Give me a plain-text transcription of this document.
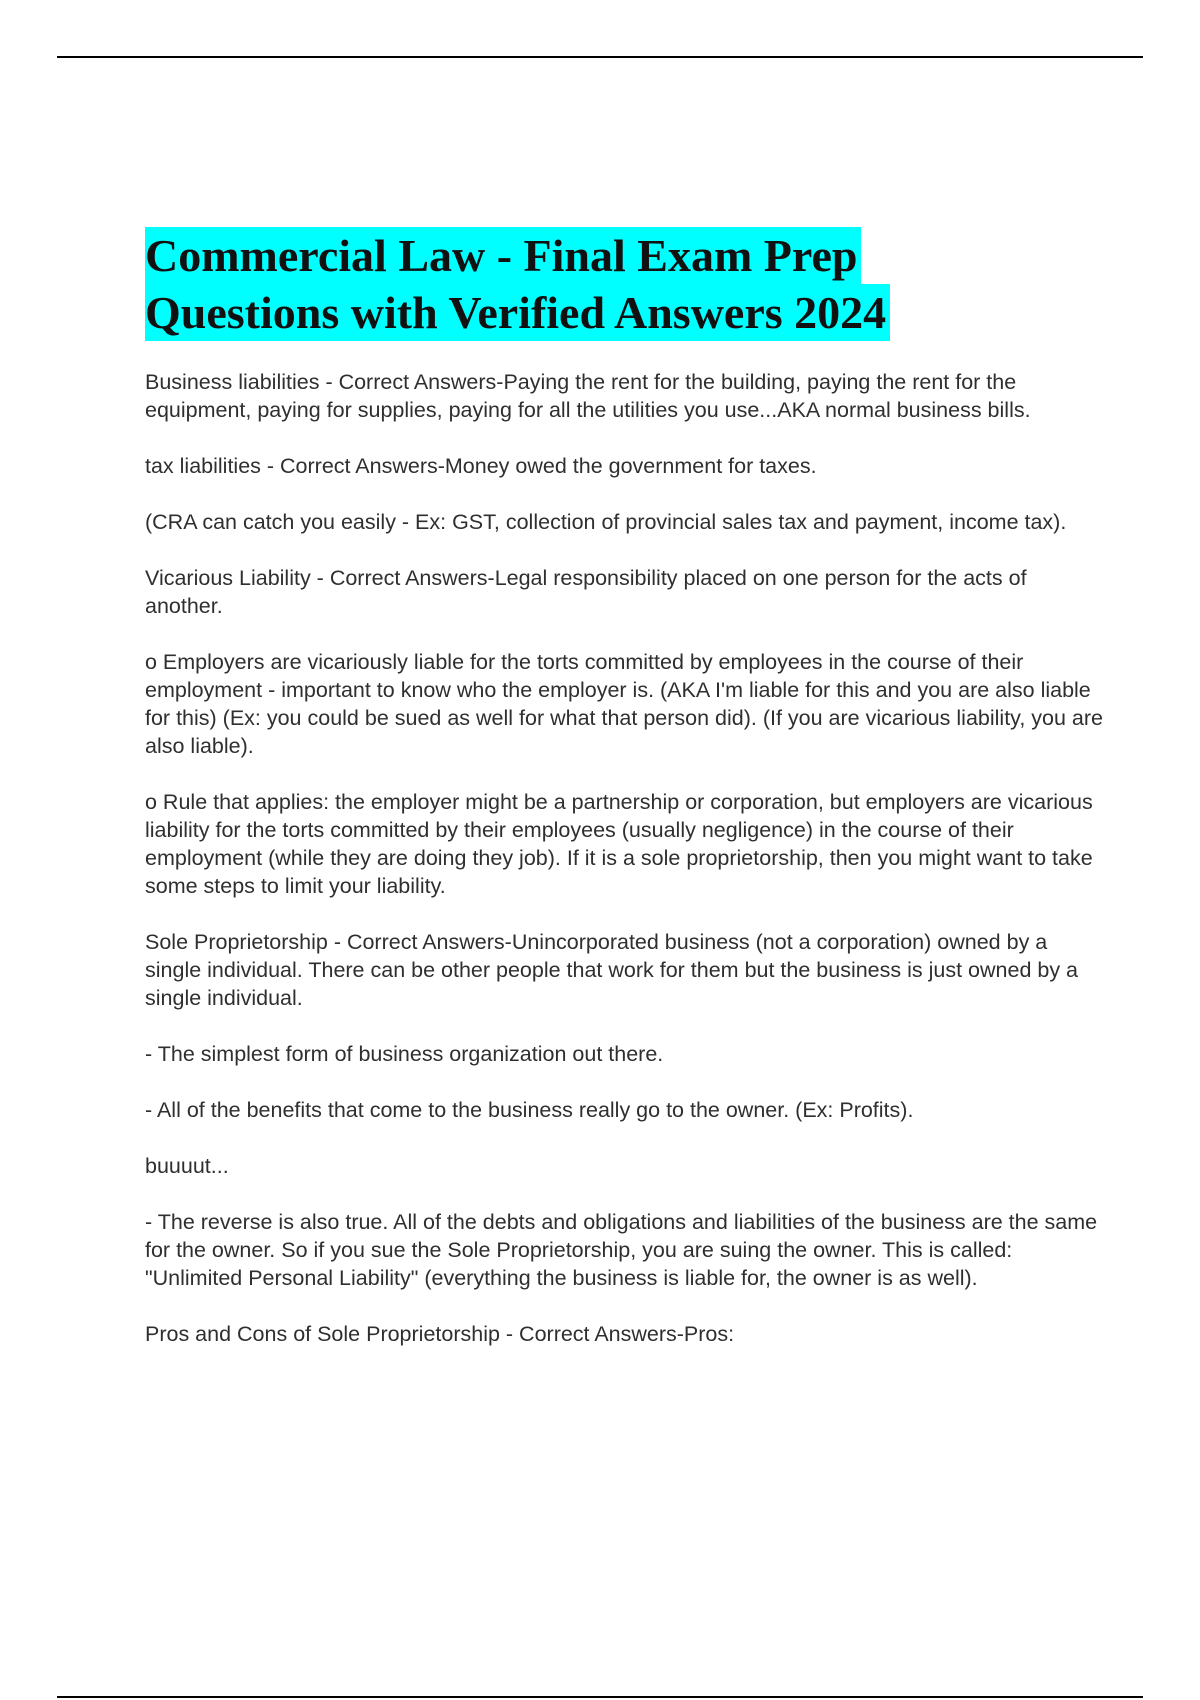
Commercial Law - Final Exam Prep
Questions with Verified Answers 2024

Business liabilities - Correct Answers-Paying the rent for the building, paying the rent for the equipment, paying for supplies, paying for all the utilities you use...AKA normal business bills.

tax liabilities - Correct Answers-Money owed the government for taxes.

(CRA can catch you easily - Ex: GST, collection of provincial sales tax and payment, income tax).

Vicarious Liability - Correct Answers-Legal responsibility placed on one person for the acts of another.

o Employers are vicariously liable for the torts committed by employees in the course of their employment - important to know who the employer is. (AKA I'm liable for this and you are also liable for this) (Ex: you could be sued as well for what that person did). (If you are vicarious liability, you are also liable).

o Rule that applies: the employer might be a partnership or corporation, but employers are vicarious liability for the torts committed by their employees (usually negligence) in the course of their employment (while they are doing they job). If it is a sole proprietorship, then you might want to take some steps to limit your liability.

Sole Proprietorship - Correct Answers-Unincorporated business (not a corporation) owned by a single individual. There can be other people that work for them but the business is just owned by a single individual.

- The simplest form of business organization out there.

- All of the benefits that come to the business really go to the owner. (Ex: Profits).

buuuut...

- The reverse is also true. All of the debts and obligations and liabilities of the business are the same for the owner. So if you sue the Sole Proprietorship, you are suing the owner. This is called: "Unlimited Personal Liability" (everything the business is liable for, the owner is as well).

Pros and Cons of Sole Proprietorship - Correct Answers-Pros:
